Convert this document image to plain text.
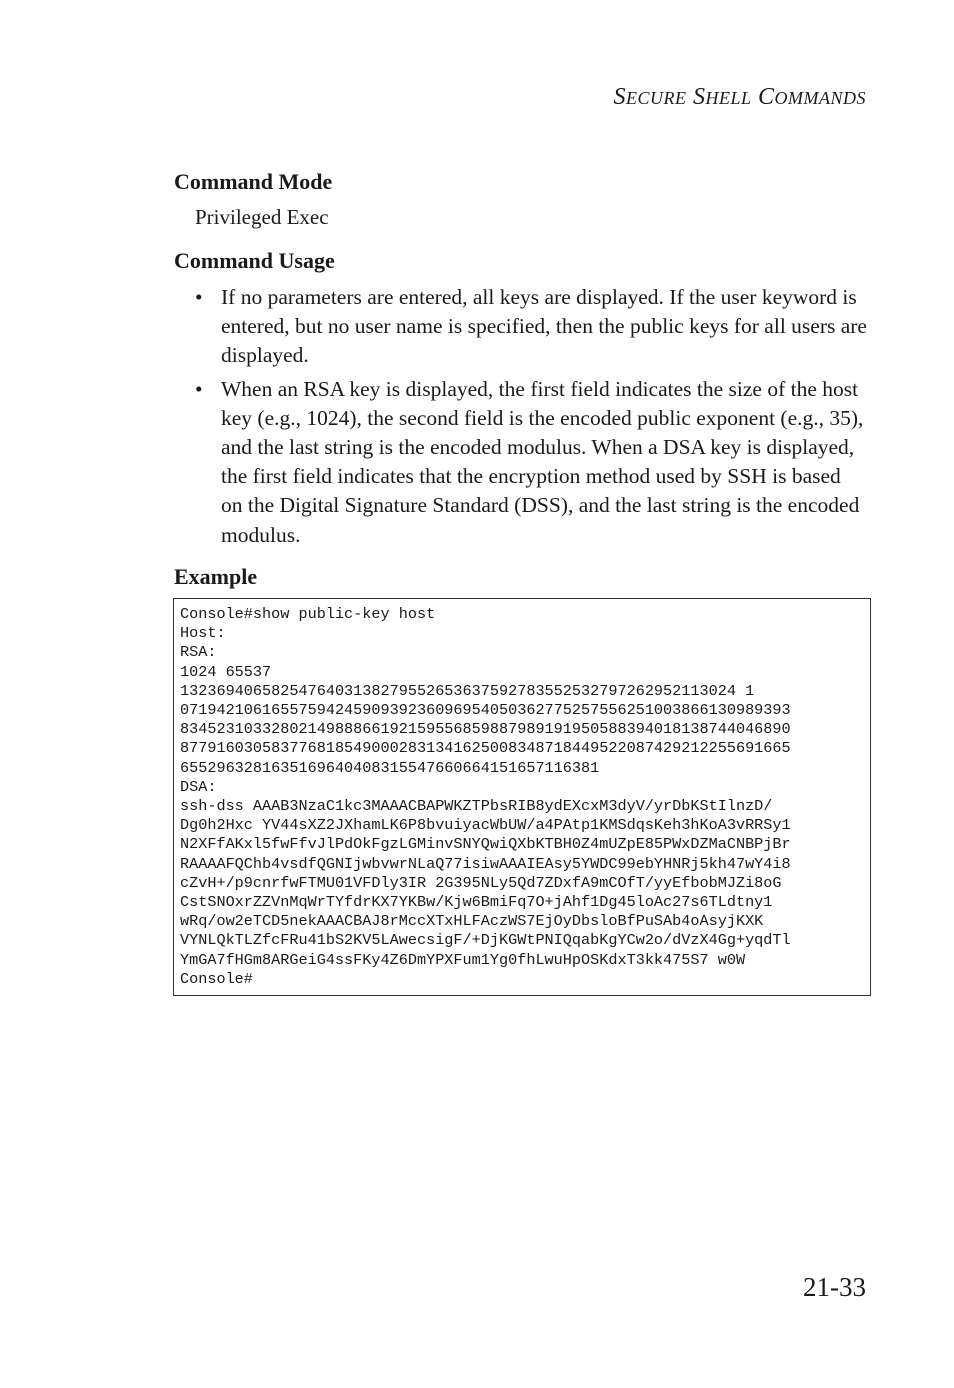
SECURE SHELL COMMANDS
Command Mode

Privileged Exec

Command Usage
• If no parameters are entered, all keys are displayed. If the user keyword is entered, but no user name is specified, then the public keys for all users are displayed.
• When an RSA key is displayed, the first field indicates the size of the host key (e.g., 1024), the second field is the encoded public exponent (e.g., 35), and the last string is the encoded modulus. When a DSA key is displayed, the first field indicates that the encryption method used by SSH is based on the Digital Signature Standard (DSS), and the last string is the encoded modulus.
Example
Console#show public-key host
Host:
RSA:
1024 65537
1323694065825476403138279552653637592783552532797262952113024 1
0719421061655759424590939236096954050362775257556251003866130989393
8345231033280214988866192159556859887989191950588394018138744046890
8779160305837768185490002831341625008348718449522087429212255691665
6552963281635169640408315547660664151657116381
DSA:
ssh-dss AAAB3NzaC1kc3MAAACBAPWKZTPbsRIB8ydEXcxM3dyV/yrDbKStIlnzD/
Dg0h2Hxc YV44sXZ2JXhamLK6P8bvuiyacWbUW/a4PAtp1KMSdqsKeh3hKoA3vRRSy1
N2XFfAKxl5fwFfvJlPdOkFgzLGMinvSNYQwiQXbKTBH0Z4mUZpE85PWxDZMaCNBPjBr
RAAAAFQChb4vsdfQGNIjwbvwrNLaQ77isiwAAAIEAsy5YWDC99ebYHNRj5kh47wY4i8
cZvH+/p9cnrfwFTMU01VFDly3IR 2G395NLy5Qd7ZDxfA9mCOfT/yyEfbobMJZi8oG
CstSNOxrZZVnMqWrTYfdrKX7YKBw/Kjw6BmiFq7O+jAhf1Dg45loAc27s6TLdtny1
wRq/ow2eTCD5nekAAACBAJ8rMccXTxHLFAczWS7EjOyDbsloBfPuSAb4oAsyjKXK
VYNLQkTLZfcFRu41bS2KV5LAwecsigF/+DjKGWtPNIQqabKgYCw2o/dVzX4Gg+yqdTl
YmGA7fHGm8ARGeiG4ssFKy4Z6DmYPXFum1Yg0fhLwuHpOSKdxT3kk475S7 w0W
Console#
21-33
